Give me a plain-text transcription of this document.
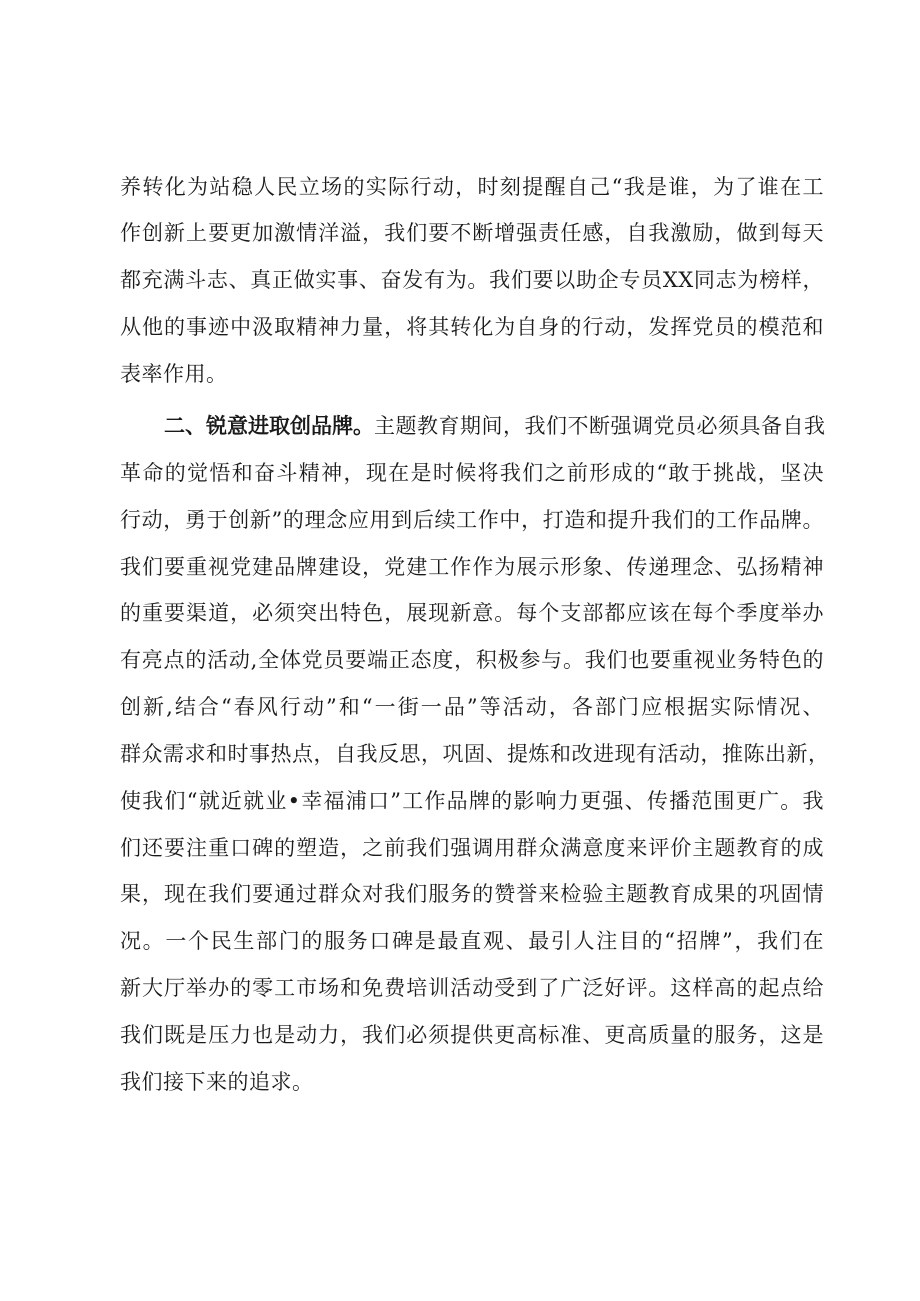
养转化为站稳人民立场的实际行动，时刻提醒自己“我是谁，为了谁在工
作创新上要更加激情洋溢，我们要不断增强责任感，自我激励，做到每天
都充满斗志、真正做实事、奋发有为。我们要以助企专员XX同志为榜样，
从他的事迹中汲取精神力量，将其转化为自身的行动，发挥党员的模范和
表率作用。
二、锐意进取创品牌。主题教育期间，我们不断强调党员必须具备自我
革命的觉悟和奋斗精神，现在是时候将我们之前形成的“敢于挑战，坚决
行动，勇于创新”的理念应用到后续工作中，打造和提升我们的工作品牌。
我们要重视党建品牌建设，党建工作作为展示形象、传递理念、弘扬精神
的重要渠道，必须突出特色，展现新意。每个支部都应该在每个季度举办
有亮点的活动,全体党员要端正态度，积极参与。我们也要重视业务特色的
创新,结合“春风行动”和“一街一品”等活动，各部门应根据实际情况、
群众需求和时事热点，自我反思，巩固、提炼和改进现有活动，推陈出新，
使我们“就近就业•幸福浦口”工作品牌的影响力更强、传播范围更广。我
们还要注重口碑的塑造，之前我们强调用群众满意度来评价主题教育的成
果，现在我们要通过群众对我们服务的赞誉来检验主题教育成果的巩固情
况。一个民生部门的服务口碑是最直观、最引人注目的“招牌”，我们在
新大厅举办的零工市场和免费培训活动受到了广泛好评。这样高的起点给
我们既是压力也是动力，我们必须提供更高标准、更高质量的服务，这是
我们接下来的追求。
